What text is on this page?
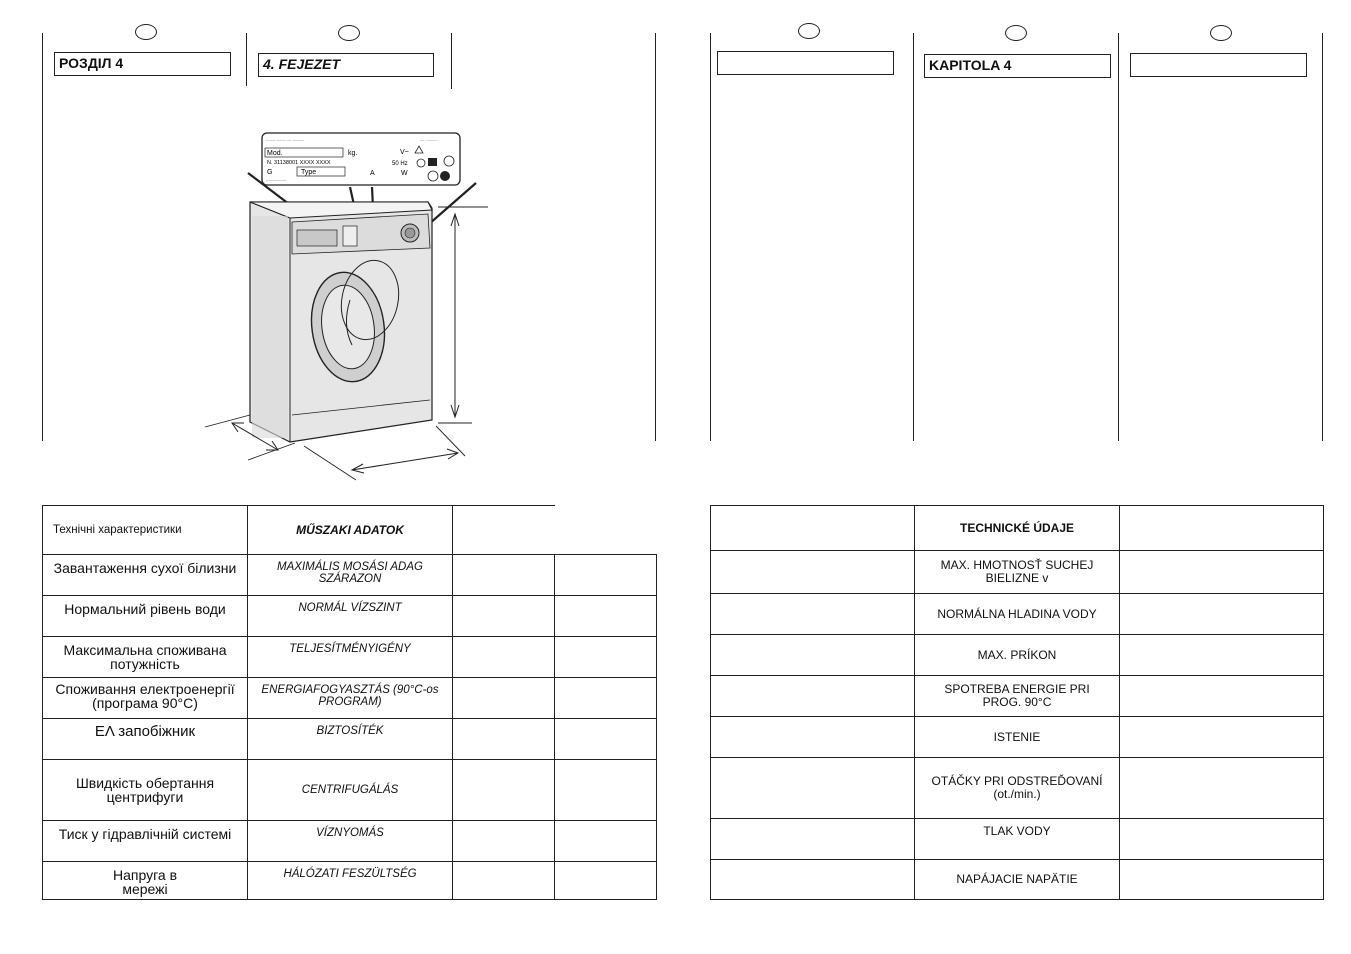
РОЗДІЛ 4	4. FEJEZET
~~~~ ~~~~ ~~ ~~~~~	~~ ~~~~~
Mod.
N. 31138001 XXXX XXXX
G	Type
kg.	V~
50 Hz
W
A
~~~~~~~~~~
Технічні характеристики	MŰSZAKI ADATOK		
Завантаження сухої білизни	MAXIMÁLIS MOSÁSI ADAG SZÁRAZON		
Нормальний рівень води	NORMÁL VÍZSZINT		
Максимальна споживана потужність	TELJESÍTMÉNYIGÉNY		
Споживання електроенергії (програма 90°C)	ENERGIAFOGYASZTÁS (90°C-os PROGRAM)		
ЕΛ запобіжник	BIZTOSÍTÉK		
Швидкість обертання центрифуги	CENTRIFUGÁLÁS		
Тиск у гідравлічній системі	VÍZNYOMÁS		
Напруга в мережі	HÁLÓZATI FESZÜLTSÉG		
KAPITOLA 4
	TECHNICKÉ ÚDAJE	
	MAX. HMOTNOSŤ SUCHEJ BIELIZNE v	
	NORMÁLNA HLADINA VODY	
	MAX. PRÍKON	
	SPOTREBA ENERGIE PRI PROG. 90°C	
	ISTENIE	
	OTÁČKY PRI ODSTREĎOVANÍ (ot./min.)	
	TLAK VODY	
	NAPÁJACIE NAPÄTIE	
